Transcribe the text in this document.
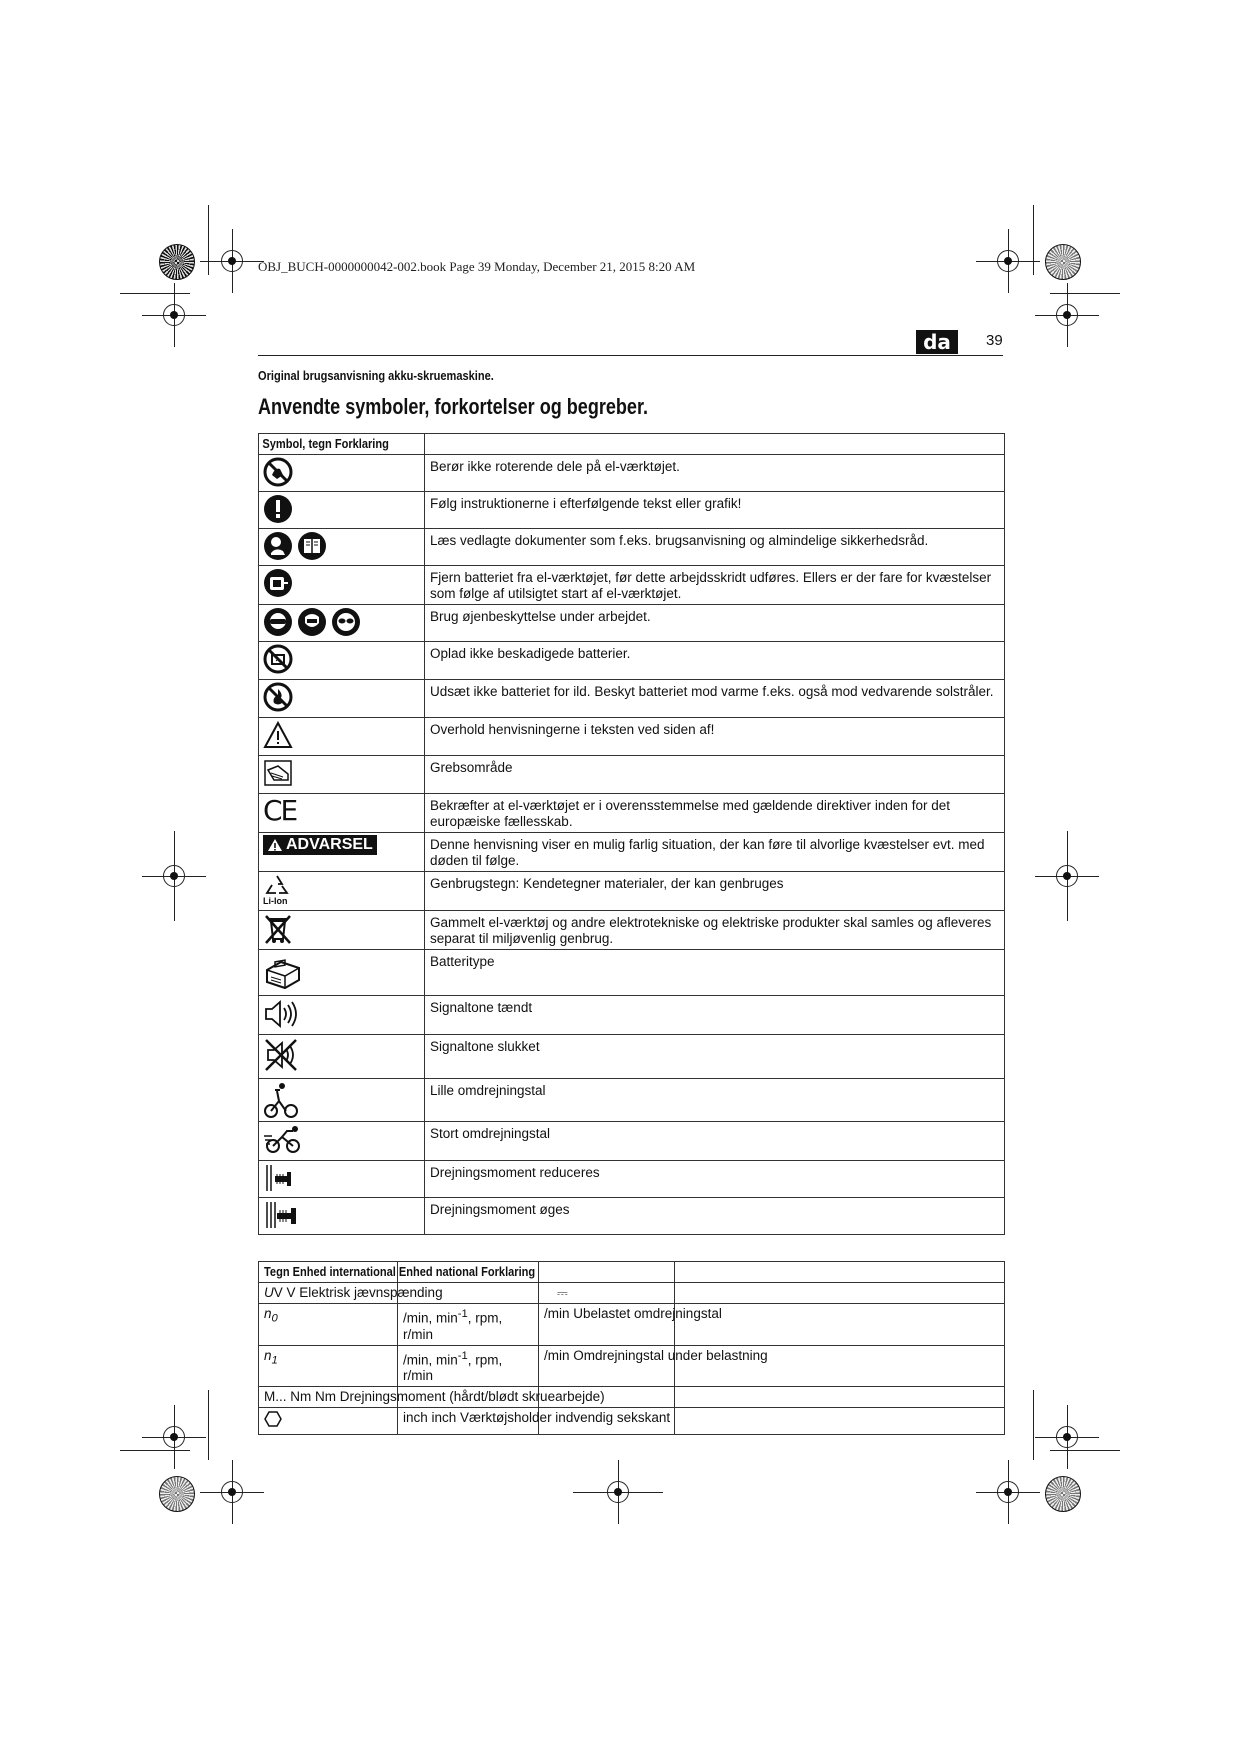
OBJ_BUCH-0000000042-002.book Page 39 Monday, December 21, 2015 8:20 AM
da	39
Original brugsanvisning akku-skruemaskine.
Anvendte symboler, forkortelser og begreber.
Symbol, tegn Forklaring	

	Berør ikke roterende dele på el-værktøjet.

	Følg instruktionerne i efterfølgende tekst eller grafik!

	Læs vedlagte dokumenter som f.eks. brugsanvisning og almindelige sikkerhedsråd.

	Fjern batteriet fra el-værktøjet, før dette arbejdsskridt udføres. Ellers er der fare for kvæstelser som følge af utilsigtet start af el-værktøjet.

	Brug øjenbeskyttelse under arbejdet.

	Oplad ikke beskadigede batterier.

	Udsæt ikke batteriet for ild. Beskyt batteriet mod varme f.eks. også mod vedvarende solstråler.

	Overhold henvisningerne i teksten ved siden af!

	Grebsområde

CE	Bekræfter at el-værktøjet er i overensstemmelse med gældende direktiver inden for det europæiske fællesskab.

ADVARSEL	Denne henvisning viser en mulig farlig situation, der kan føre til alvorlige kvæstelser evt. med døden til følge.

Li-Ion	Genbrugstegn: Kendetegner materialer, der kan genbruges

	Gammelt el-værktøj og andre elektrotekniske og elektriske produkter skal samles og afleveres separat til miljøvenlig genbrug.

	Batteritype

	Signaltone tændt

	Signaltone slukket

	Lille omdrejningstal

	Stort omdrejningstal

	Drejningsmoment reduceres

	Drejningsmoment øges
Tegn Enhed international Enhed national Forklaring			
UV V Elektrisk jævnspænding		⎓	
$n_0$	/min, $\min^{-1}$, rpm,
r/min	/min Ubelastet omdrejningstal	
$n_1$	/min, $\min^{-1}$, rpm,
r/min	/min Omdrejningstal under belastning	
M... Nm Nm Drejningsmoment (hårdt/blødt skruearbejde)			
	inch inch Værktøjsholder indvendig sekskant		
